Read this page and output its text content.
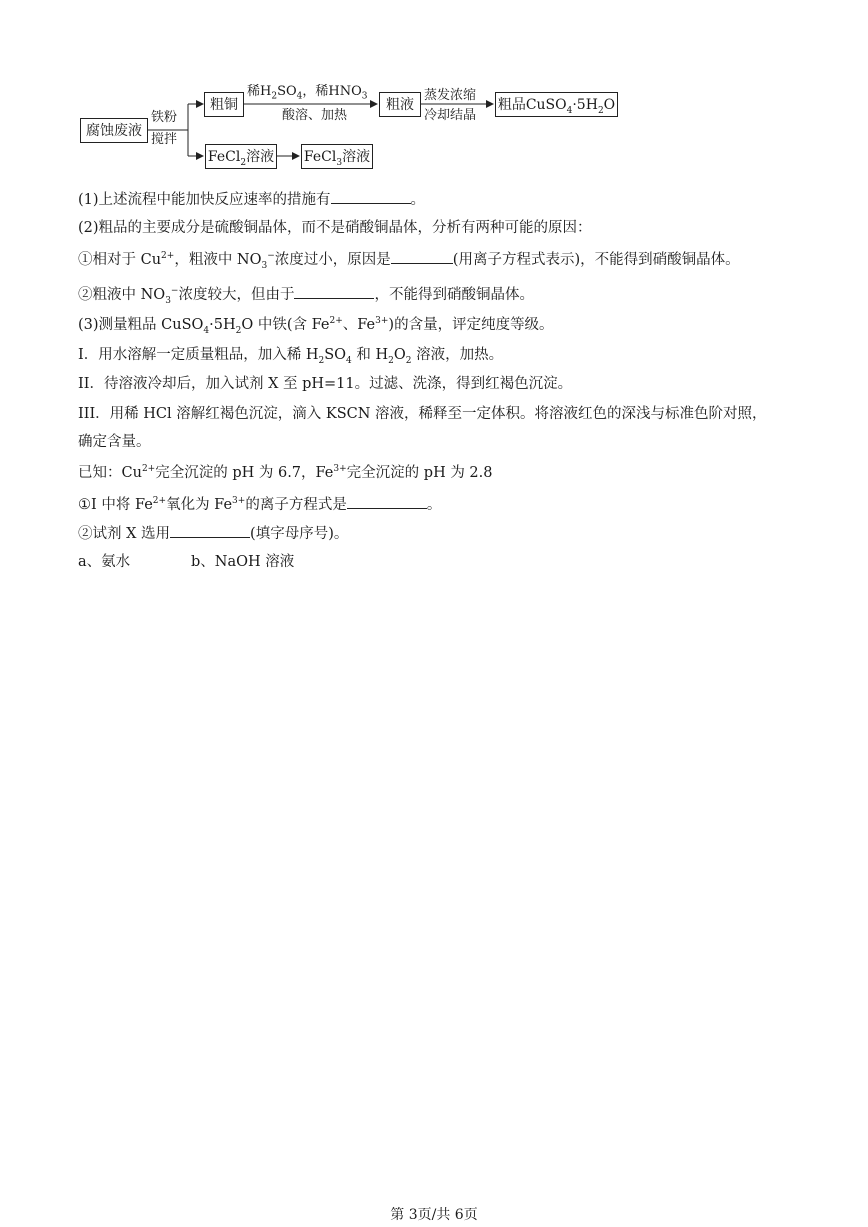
腐蚀废液
铁粉
搅拌
粗铜
稀$H_2SO_4$，稀$HNO_3$
酸溶、加热
粗液
蒸发浓缩
冷却结晶
粗品$CuSO_4\cdot 5H_2O$
FeCl$_2$溶液 FeCl$_3$溶液
(1)上述流程中能加快反应速率的措施有	。
(2)粗品的主要成分是硫酸铜晶体，而不是硝酸铜晶体，分析有两种可能的原因：
①相对于 $Cu^{2+}$，粗液中 $NO_3^-$浓度过小，原因是	(用离子方程式表示)，不能得到硝酸铜晶体。
②粗液中 $NO_3^-$浓度较大，但由于	，不能得到硝酸铜晶体。
(3)测量粗品 $CuSO_4\cdot 5H_2O$ 中铁(含 $Fe^{2+}$、$Fe^{3+}$)的含量，评定纯度等级。
I．用水溶解一定质量粗品，加入稀 $H_2SO_4$ 和 $H_2O_2$ 溶液，加热。
II．待溶液冷却后，加入试剂 X 至 pH=11。过滤、洗涤，得到红褐色沉淀。
III．用稀 HCl 溶解红褐色沉淀，滴入 KSCN 溶液，稀释至一定体积。将溶液红色的深浅与标准色阶对照，
确定含量。
已知：$Cu^{2+}$完全沉淀的 pH 为 6.7，$Fe^{3+}$完全沉淀的 pH 为 2.8
①I 中将 $Fe^{2+}$氧化为 $Fe^{3+}$的离子方程式是	。
②试剂 X 选用	(填字母序号)。
a、氨水	b、NaOH 溶液
第 3页/共 6页
